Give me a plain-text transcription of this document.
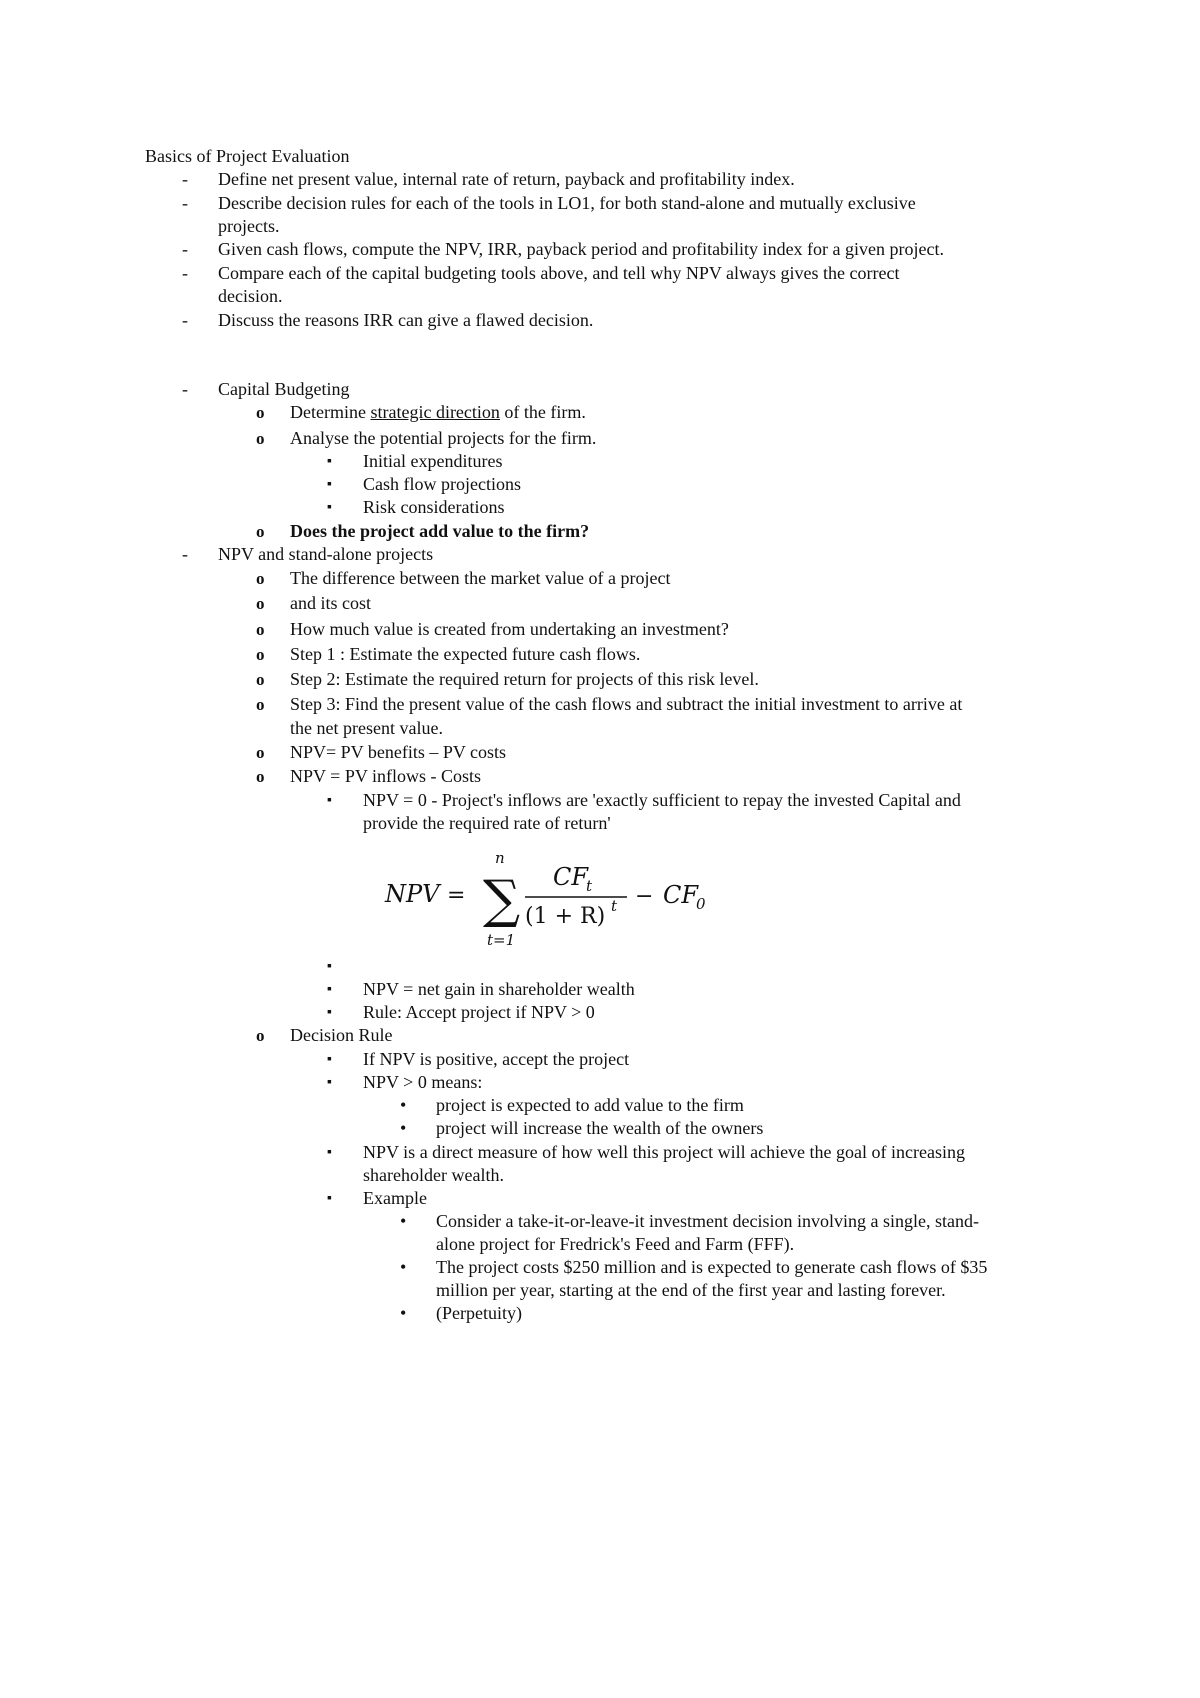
Basics of Project Evaluation
- Define net present value, internal rate of return, payback and profitability index.
- Describe decision rules for each of the tools in LO1, for both stand-alone and mutually exclusive
projects.
- Given cash flows, compute the NPV, IRR, payback period and profitability index for a given project.
- Compare each of the capital budgeting tools above, and tell why NPV always gives the correct
decision.
- Discuss the reasons IRR can give a flawed decision.
- Capital Budgeting
o Determine strategic direction of the firm.
o Analyse the potential projects for the firm.
▪ Initial expenditures
▪ Cash flow projections
▪ Risk considerations
o Does the project add value to the firm?
- NPV and stand-alone projects
o The difference between the market value of a project
o and its cost
o How much value is created from undertaking an investment?
o Step 1 : Estimate the expected future cash flows.
o Step 2: Estimate the required return for projects of this risk level.
o Step 3: Find the present value of the cash flows and subtract the initial investment to arrive at
the net present value.
o NPV= PV benefits – PV costs
o NPV = PV inflows - Costs
▪ NPV = 0 - Project's inflows are 'exactly sufficient to repay the invested Capital and
provide the required rate of return'
NPV =
n
∑
t=1
CF
t
(1 + R) t − CF
0
▪
▪ NPV = net gain in shareholder wealth
▪ Rule: Accept project if NPV > 0
o Decision Rule
▪ If NPV is positive, accept the project
▪ NPV > 0 means:
• project is expected to add value to the firm
• project will increase the wealth of the owners
▪ NPV is a direct measure of how well this project will achieve the goal of increasing
shareholder wealth.
▪ Example
• Consider a take-it-or-leave-it investment decision involving a single, stand-
alone project for Fredrick's Feed and Farm (FFF).
• The project costs $250 million and is expected to generate cash flows of $35
million per year, starting at the end of the first year and lasting forever.
• (Perpetuity)
